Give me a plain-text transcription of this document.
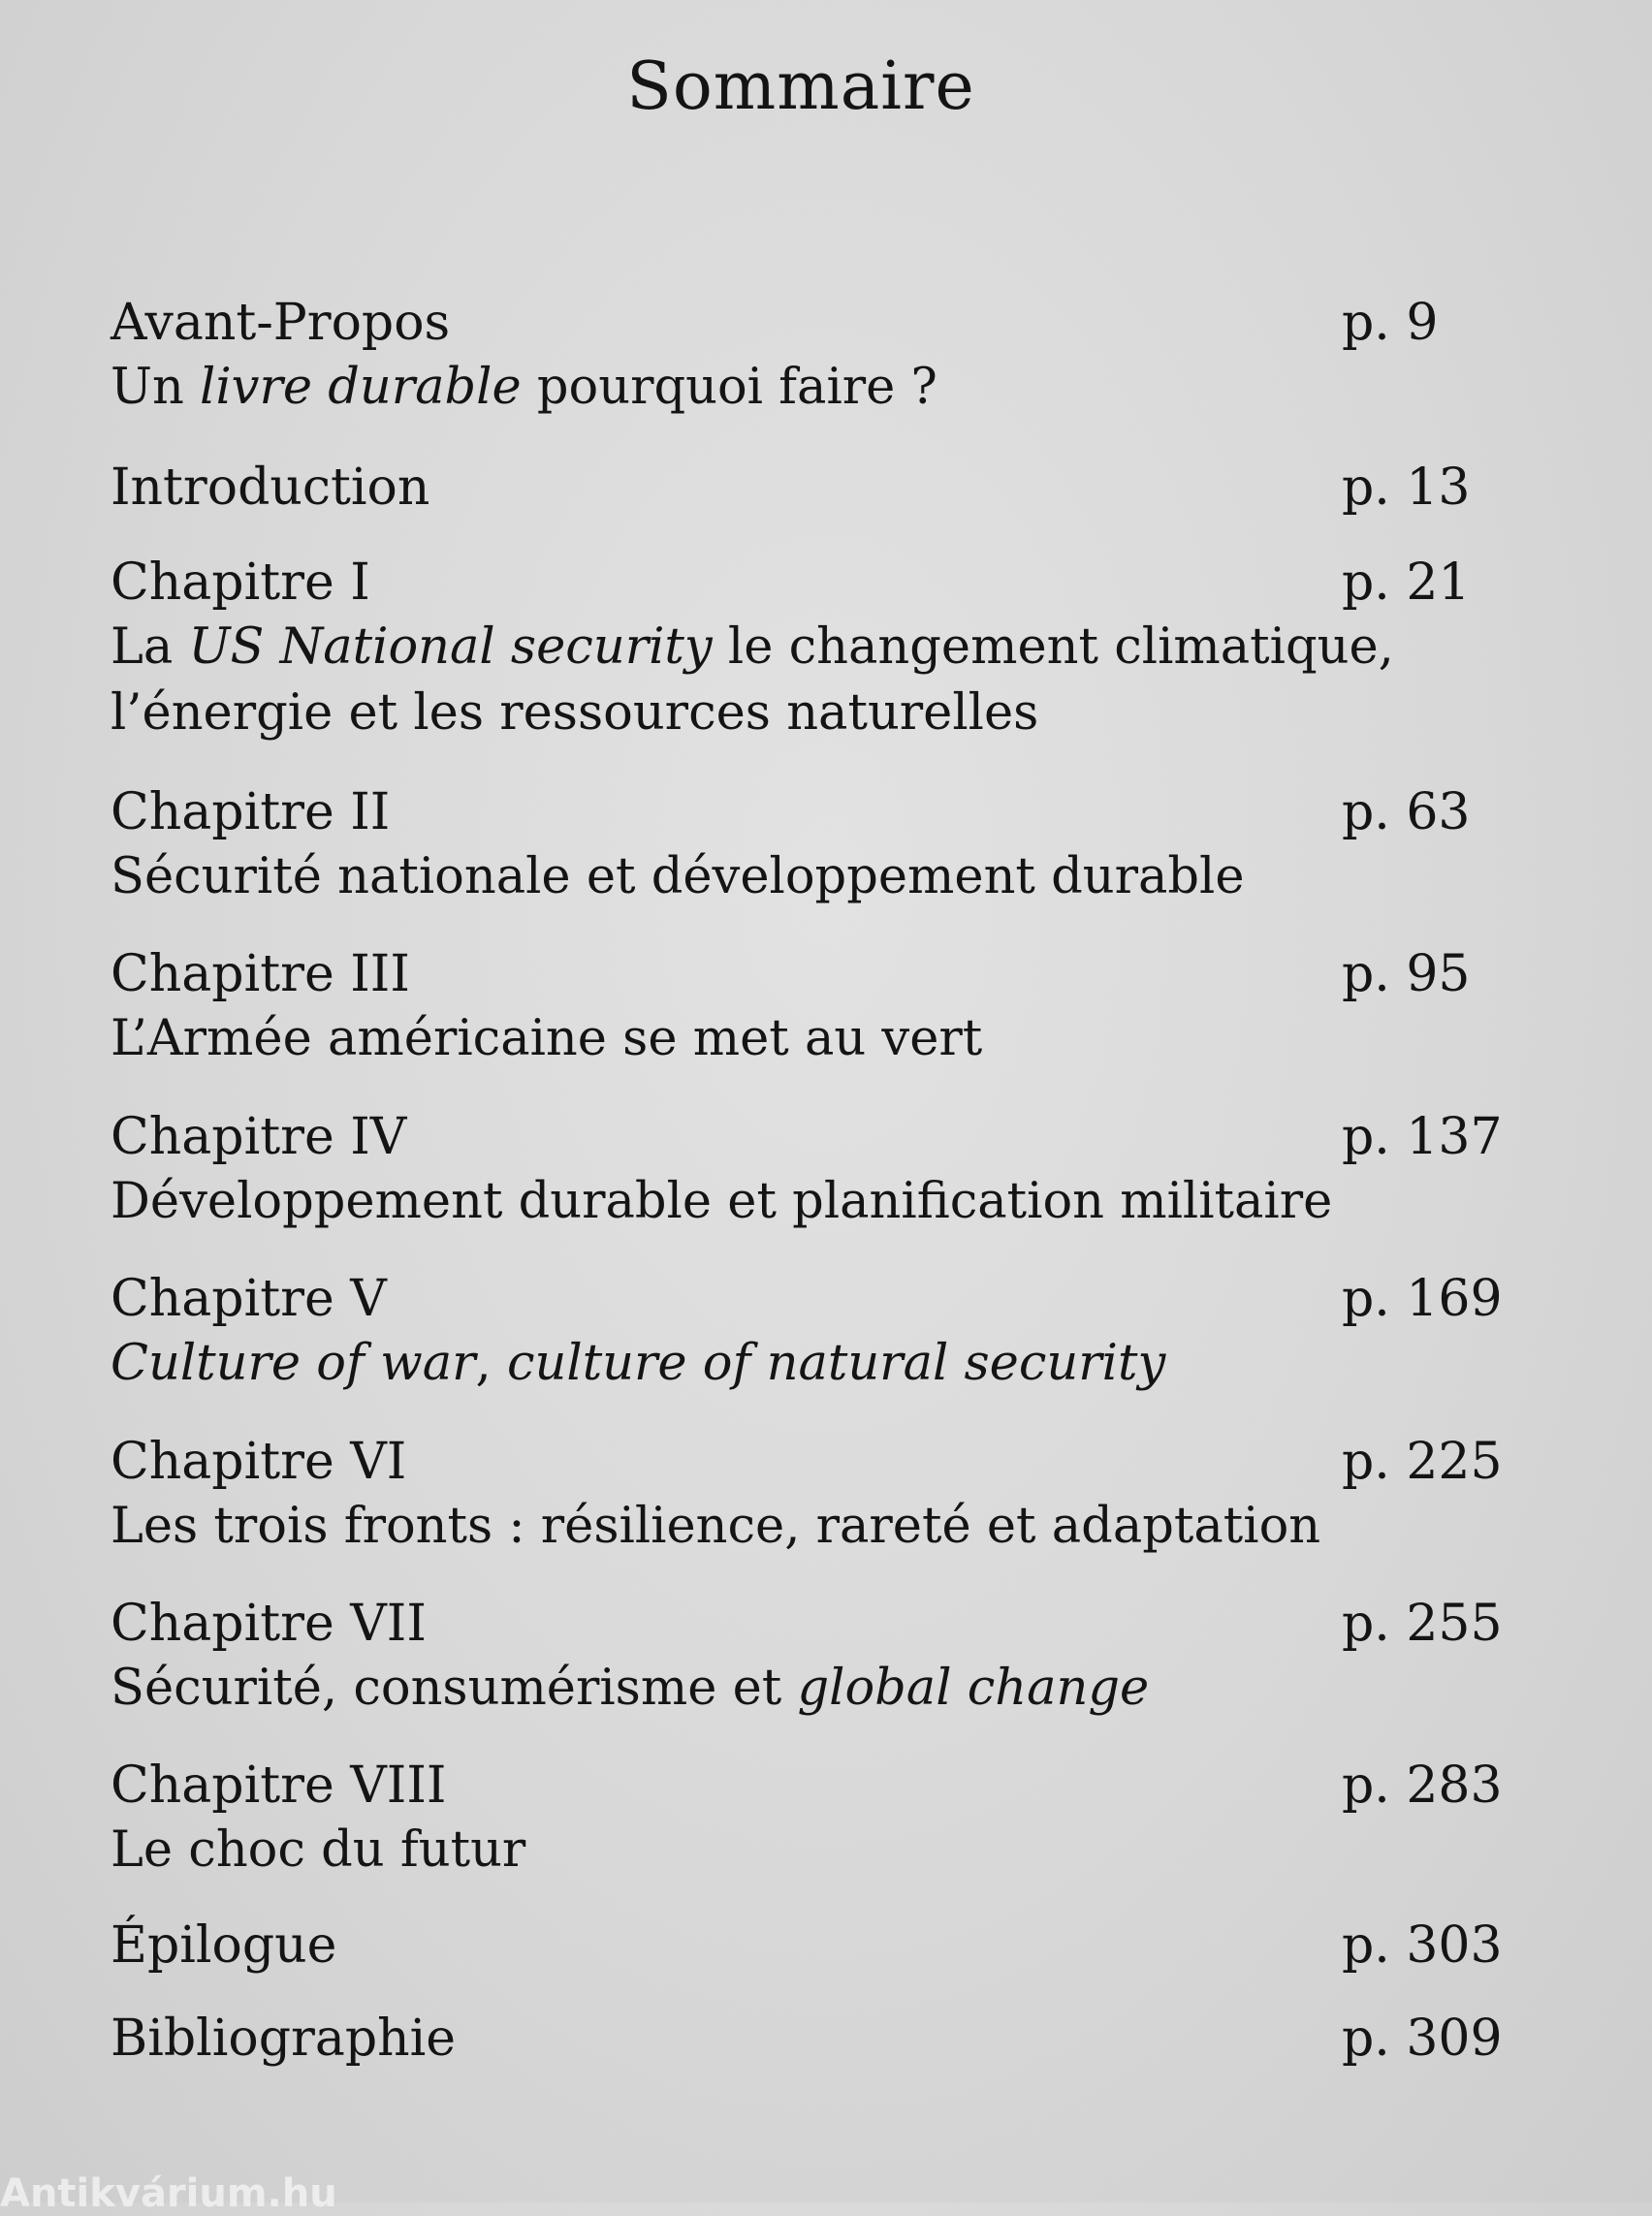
Sommaire
Avant-Propos	p. 9
Un livre durable pourquoi faire ?
Introduction	p. 13
Chapitre I	p. 21
La US National security le changement climatique,
l’énergie et les ressources naturelles
Chapitre II	p. 63
Sécurité nationale et développement durable
Chapitre III	p. 95
L’Armée américaine se met au vert
Chapitre IV	p. 137
Développement durable et planification militaire
Chapitre V	p. 169
Culture of war, culture of natural security
Chapitre VI	p. 225
Les trois fronts : résilience, rareté et adaptation
Chapitre VII	p. 255
Sécurité, consumérisme et global change
Chapitre VIII	p. 283
Le choc du futur
Épilogue	p. 303
Bibliographie	p. 309
Antikvárium.hu
